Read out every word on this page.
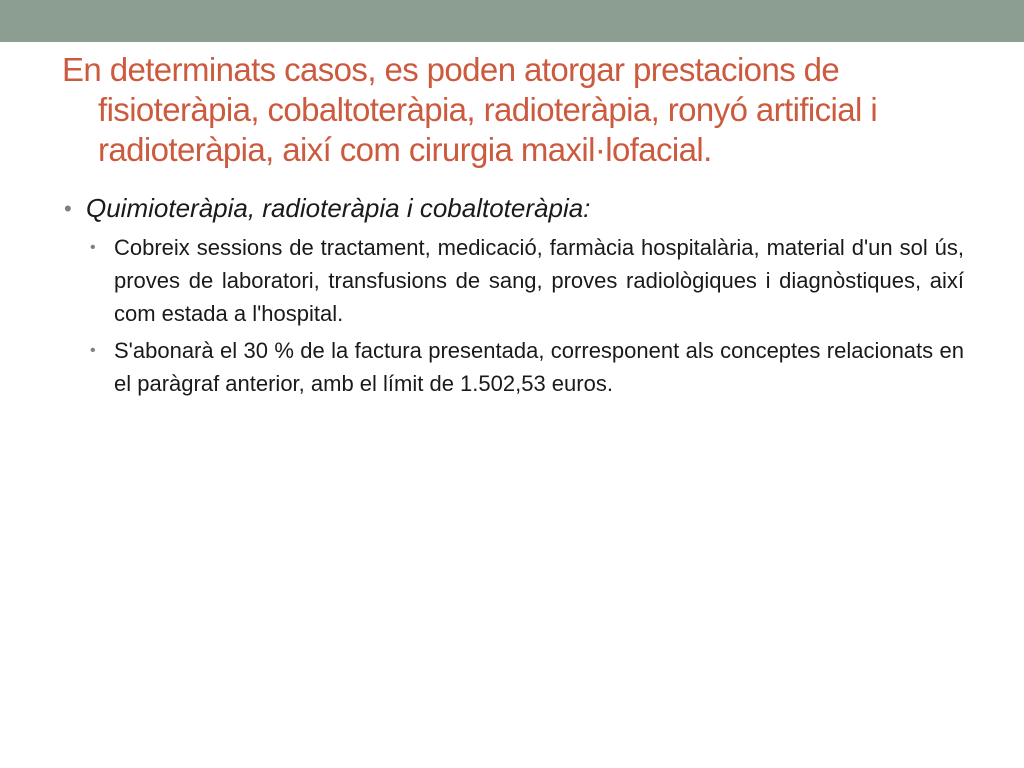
En determinats casos, es poden atorgar prestacions de fisioteràpia, cobaltoteràpia, radioteràpia, ronyó artificial i radioteràpia, així com cirurgia maxil·lofacial.
• Quimioteràpia, radioteràpia i cobaltoteràpia:
• Cobreix sessions de tractament, medicació, farmàcia hospitalària, material d'un sol ús, proves de laboratori, transfusions de sang, proves radiològiques i diagnòstiques, així com estada a l'hospital.
• S'abonarà el 30 % de la factura presentada, corresponent als conceptes relacionats en el paràgraf anterior, amb el límit de 1.502,53 euros.
